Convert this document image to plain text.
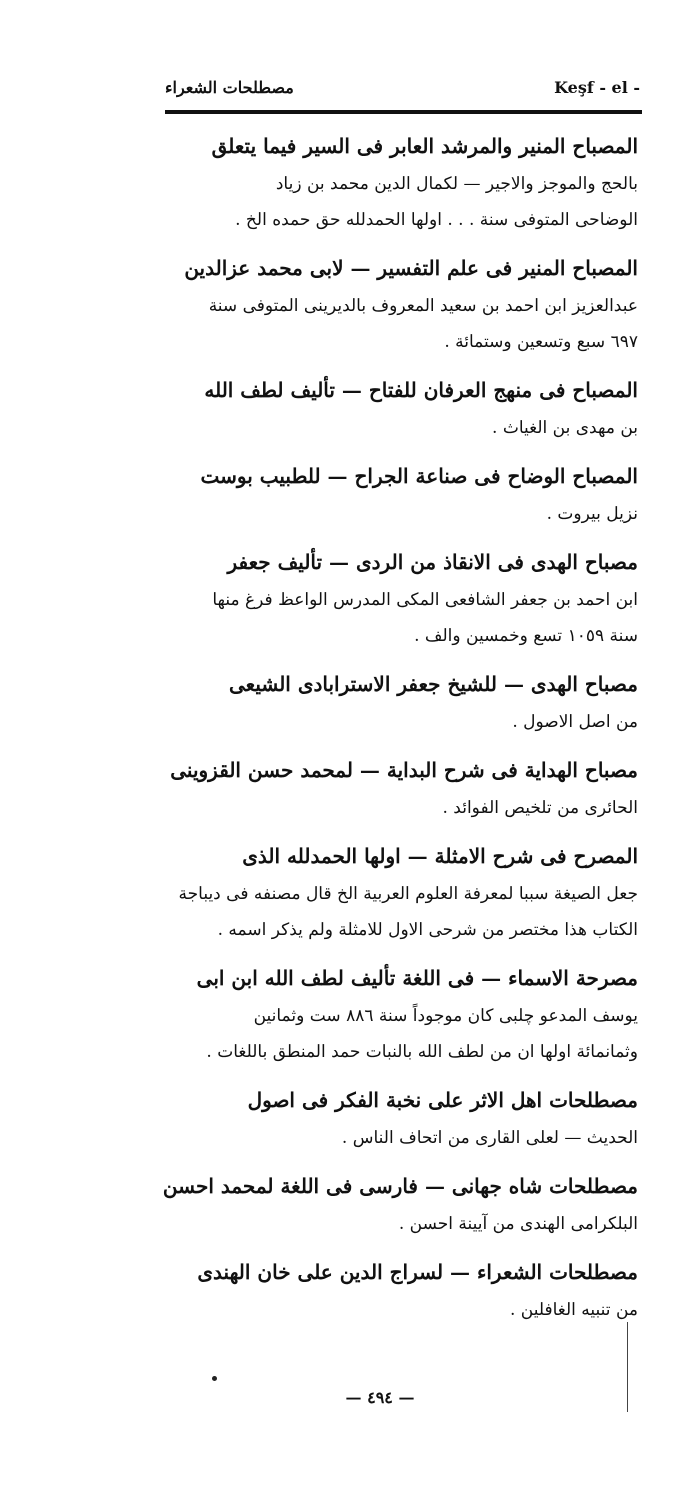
مصطلحات الشعراء	Keşf - el -
المصباح المنير والمرشد العابر فى السير فيما يتعلق
بالحج والموجز والاجير — لكمال الدين محمد بن زياد
الوضاحى المتوفى سنة . . . اولها الحمدلله حق حمده الخ .
المصباح المنير فى علم التفسير — لابى محمد عزالدين
عبدالعزيز ابن احمد بن سعيد المعروف بالديرينى المتوفى سنة
٦٩٧ سبع وتسعين وستمائة .
المصباح فى منهج العرفان للفتاح — تأليف لطف الله
بن مهدى بن الغياث .
المصباح الوضاح فى صناعة الجراح — للطبيب بوست
نزيل بيروت .
مصباح الهدى فى الانقاذ من الردى — تأليف جعفر
ابن احمد بن جعفر الشافعى المكى المدرس الواعظ فرغ منها
سنة ١٠٥٩ تسع وخمسين والف .
مصباح الهدى — للشيخ جعفر الاسترابادى الشيعى
من اصل الاصول .
مصباح الهداية فى شرح البداية — لمحمد حسن القزوينى
الحائرى من تلخيص الفوائد .
المصرح فى شرح الامثلة — اولها الحمدلله الذى
جعل الصيغة سببا لمعرفة العلوم العربية الخ قال مصنفه فى ديباجة
الكتاب هذا مختصر من شرحى الاول للامثلة ولم يذكر اسمه .
مصرحة الاسماء — فى اللغة تأليف لطف الله ابن ابى
يوسف المدعو چلبى كان موجوداً سنة ٨٨٦ ست وثمانين
وثمانمائة اولها ان من لطف الله بالنبات حمد المنطق باللغات .
مصطلحات اهل الاثر على نخبة الفكر فى اصول
الحديث — لعلى القارى من اتحاف الناس .
مصطلحات شاه جهانى — فارسى فى اللغة لمحمد احسن
البلكرامى الهندى من آيينة احسن .
مصطلحات الشعراء — لسراج الدين على خان الهندى
من تنبيه الغافلين .
— ٤٩٤ —
